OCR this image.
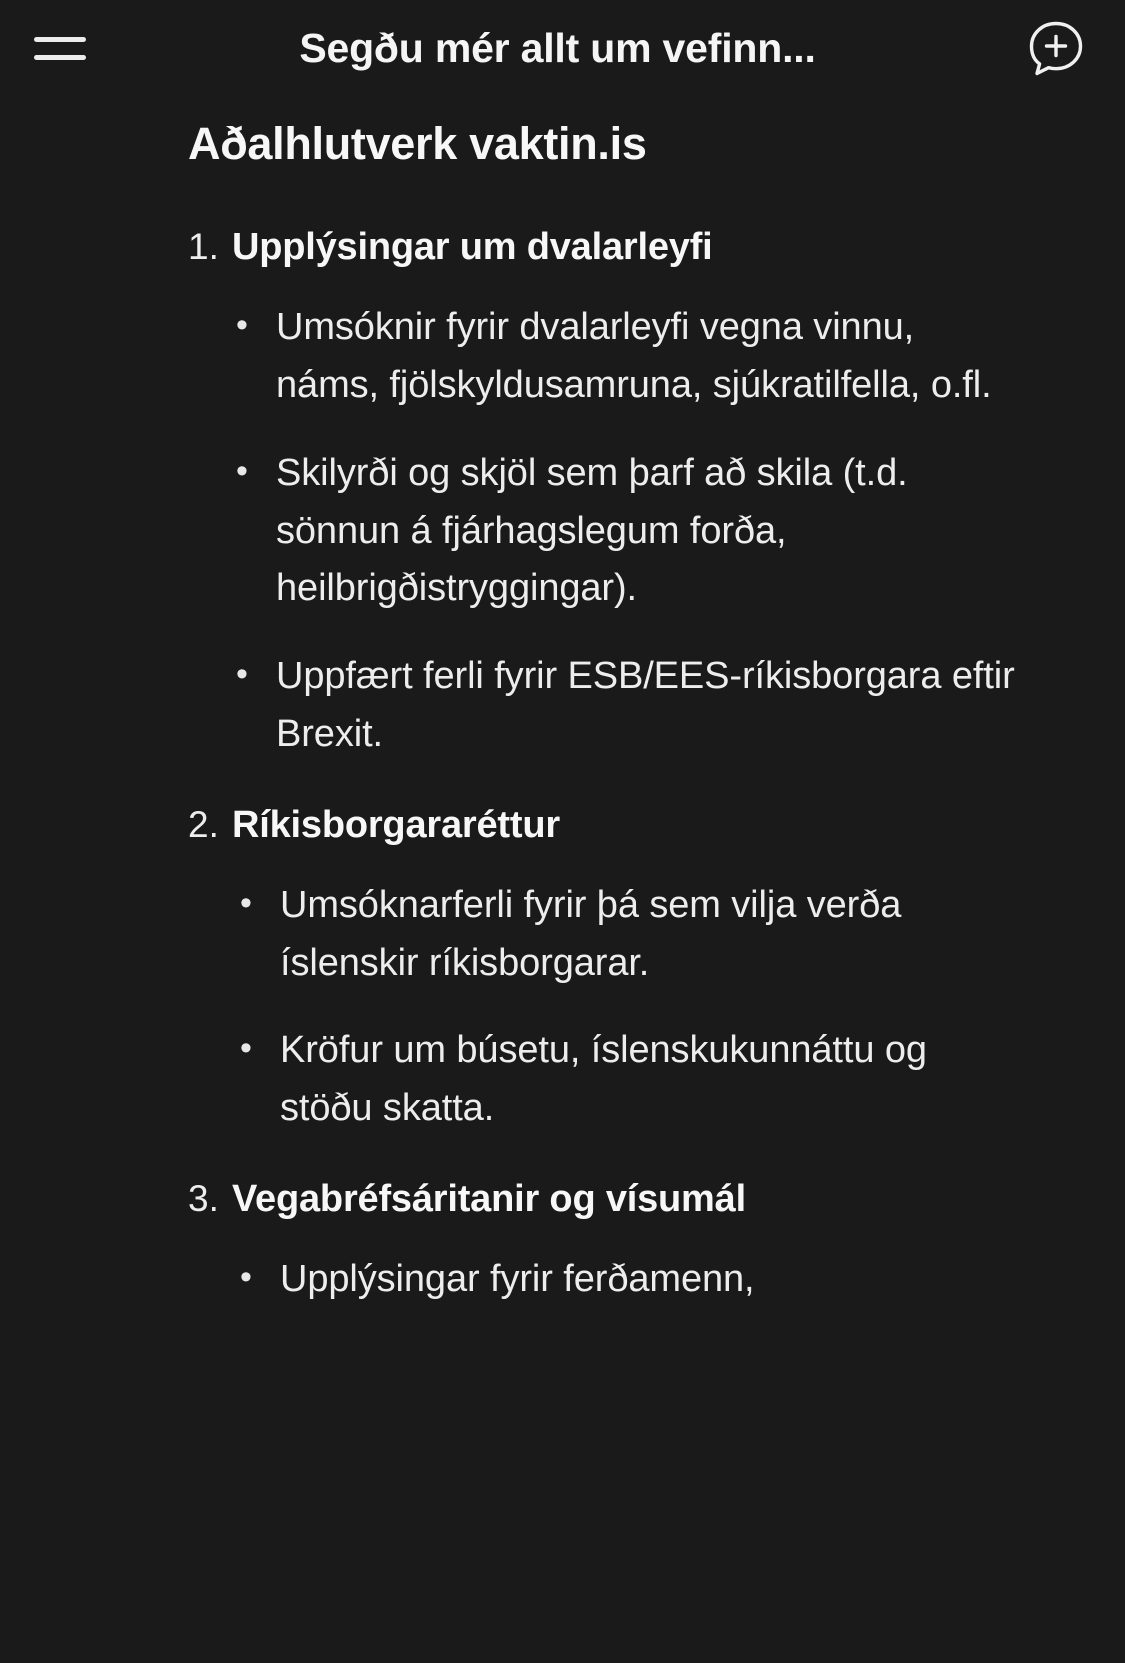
Segðu mér allt um vefinn...
Aðalhlutverk vaktin.is
1. Upplýsingar um dvalarleyfi
• Umsóknir fyrir dvalarleyfi vegna vinnu, náms, fjölskyldusamruna, sjúkratilfella, o.fl.
• Skilyrði og skjöl sem þarf að skila (t.d. sönnun á fjárhagslegum forða, heilbrigðistryggingar).
• Uppfært ferli fyrir ESB/EES-ríkisborgara eftir Brexit.
2. Ríkisborgararéttur
• Umsóknarferli fyrir þá sem vilja verða íslenskir ríkisborgarar.
• Kröfur um búsetu, íslenskukunnáttu og stöðu skatta.
3. Vegabréfsáritanir og vísumál
• Upplýsingar fyrir ferðamenn,
